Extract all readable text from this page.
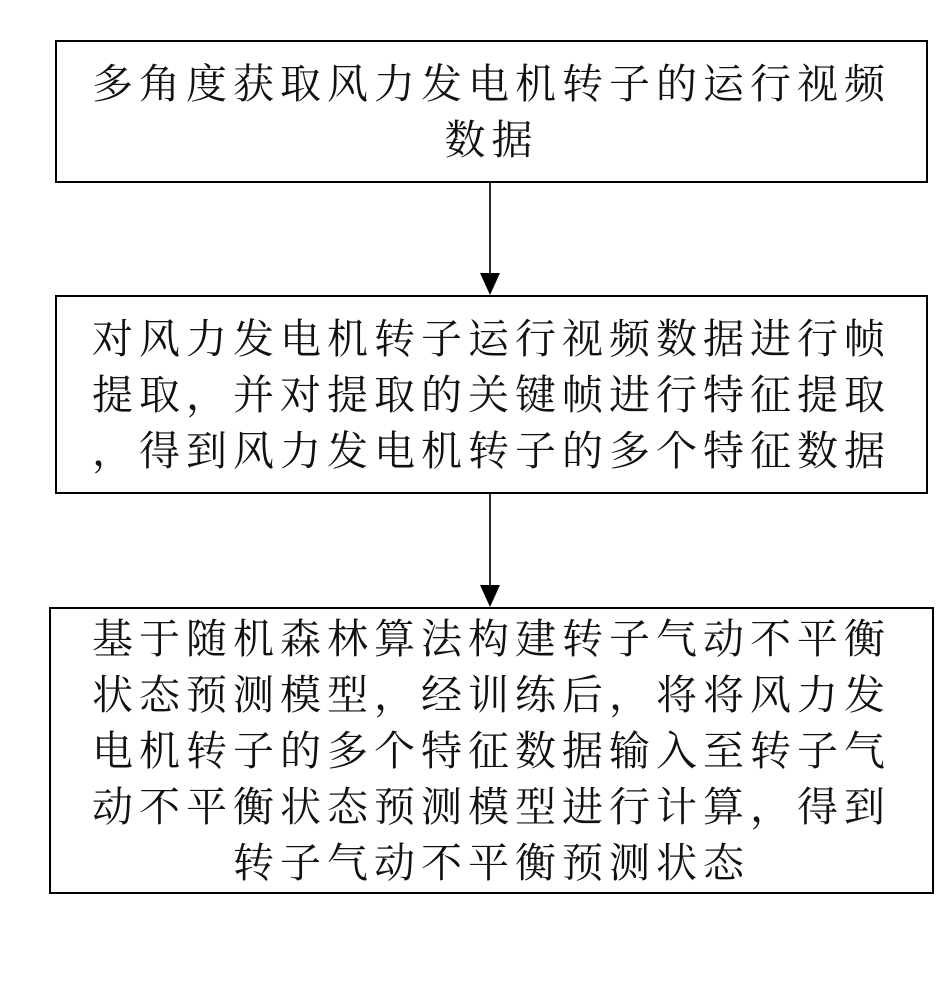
多角度获取风力发电机转子的运行视频

数据

对风力发电机转子运行视频数据进行帧

提取，并对提取的关键帧进行特征提取

，得到风力发电机转子的多个特征数据

基于随机森林算法构建转子气动不平衡

状态预测模型，经训练后，将将风力发

电机转子的多个特征数据输入至转子气

动不平衡状态预测模型进行计算，得到

转子气动不平衡预测状态
